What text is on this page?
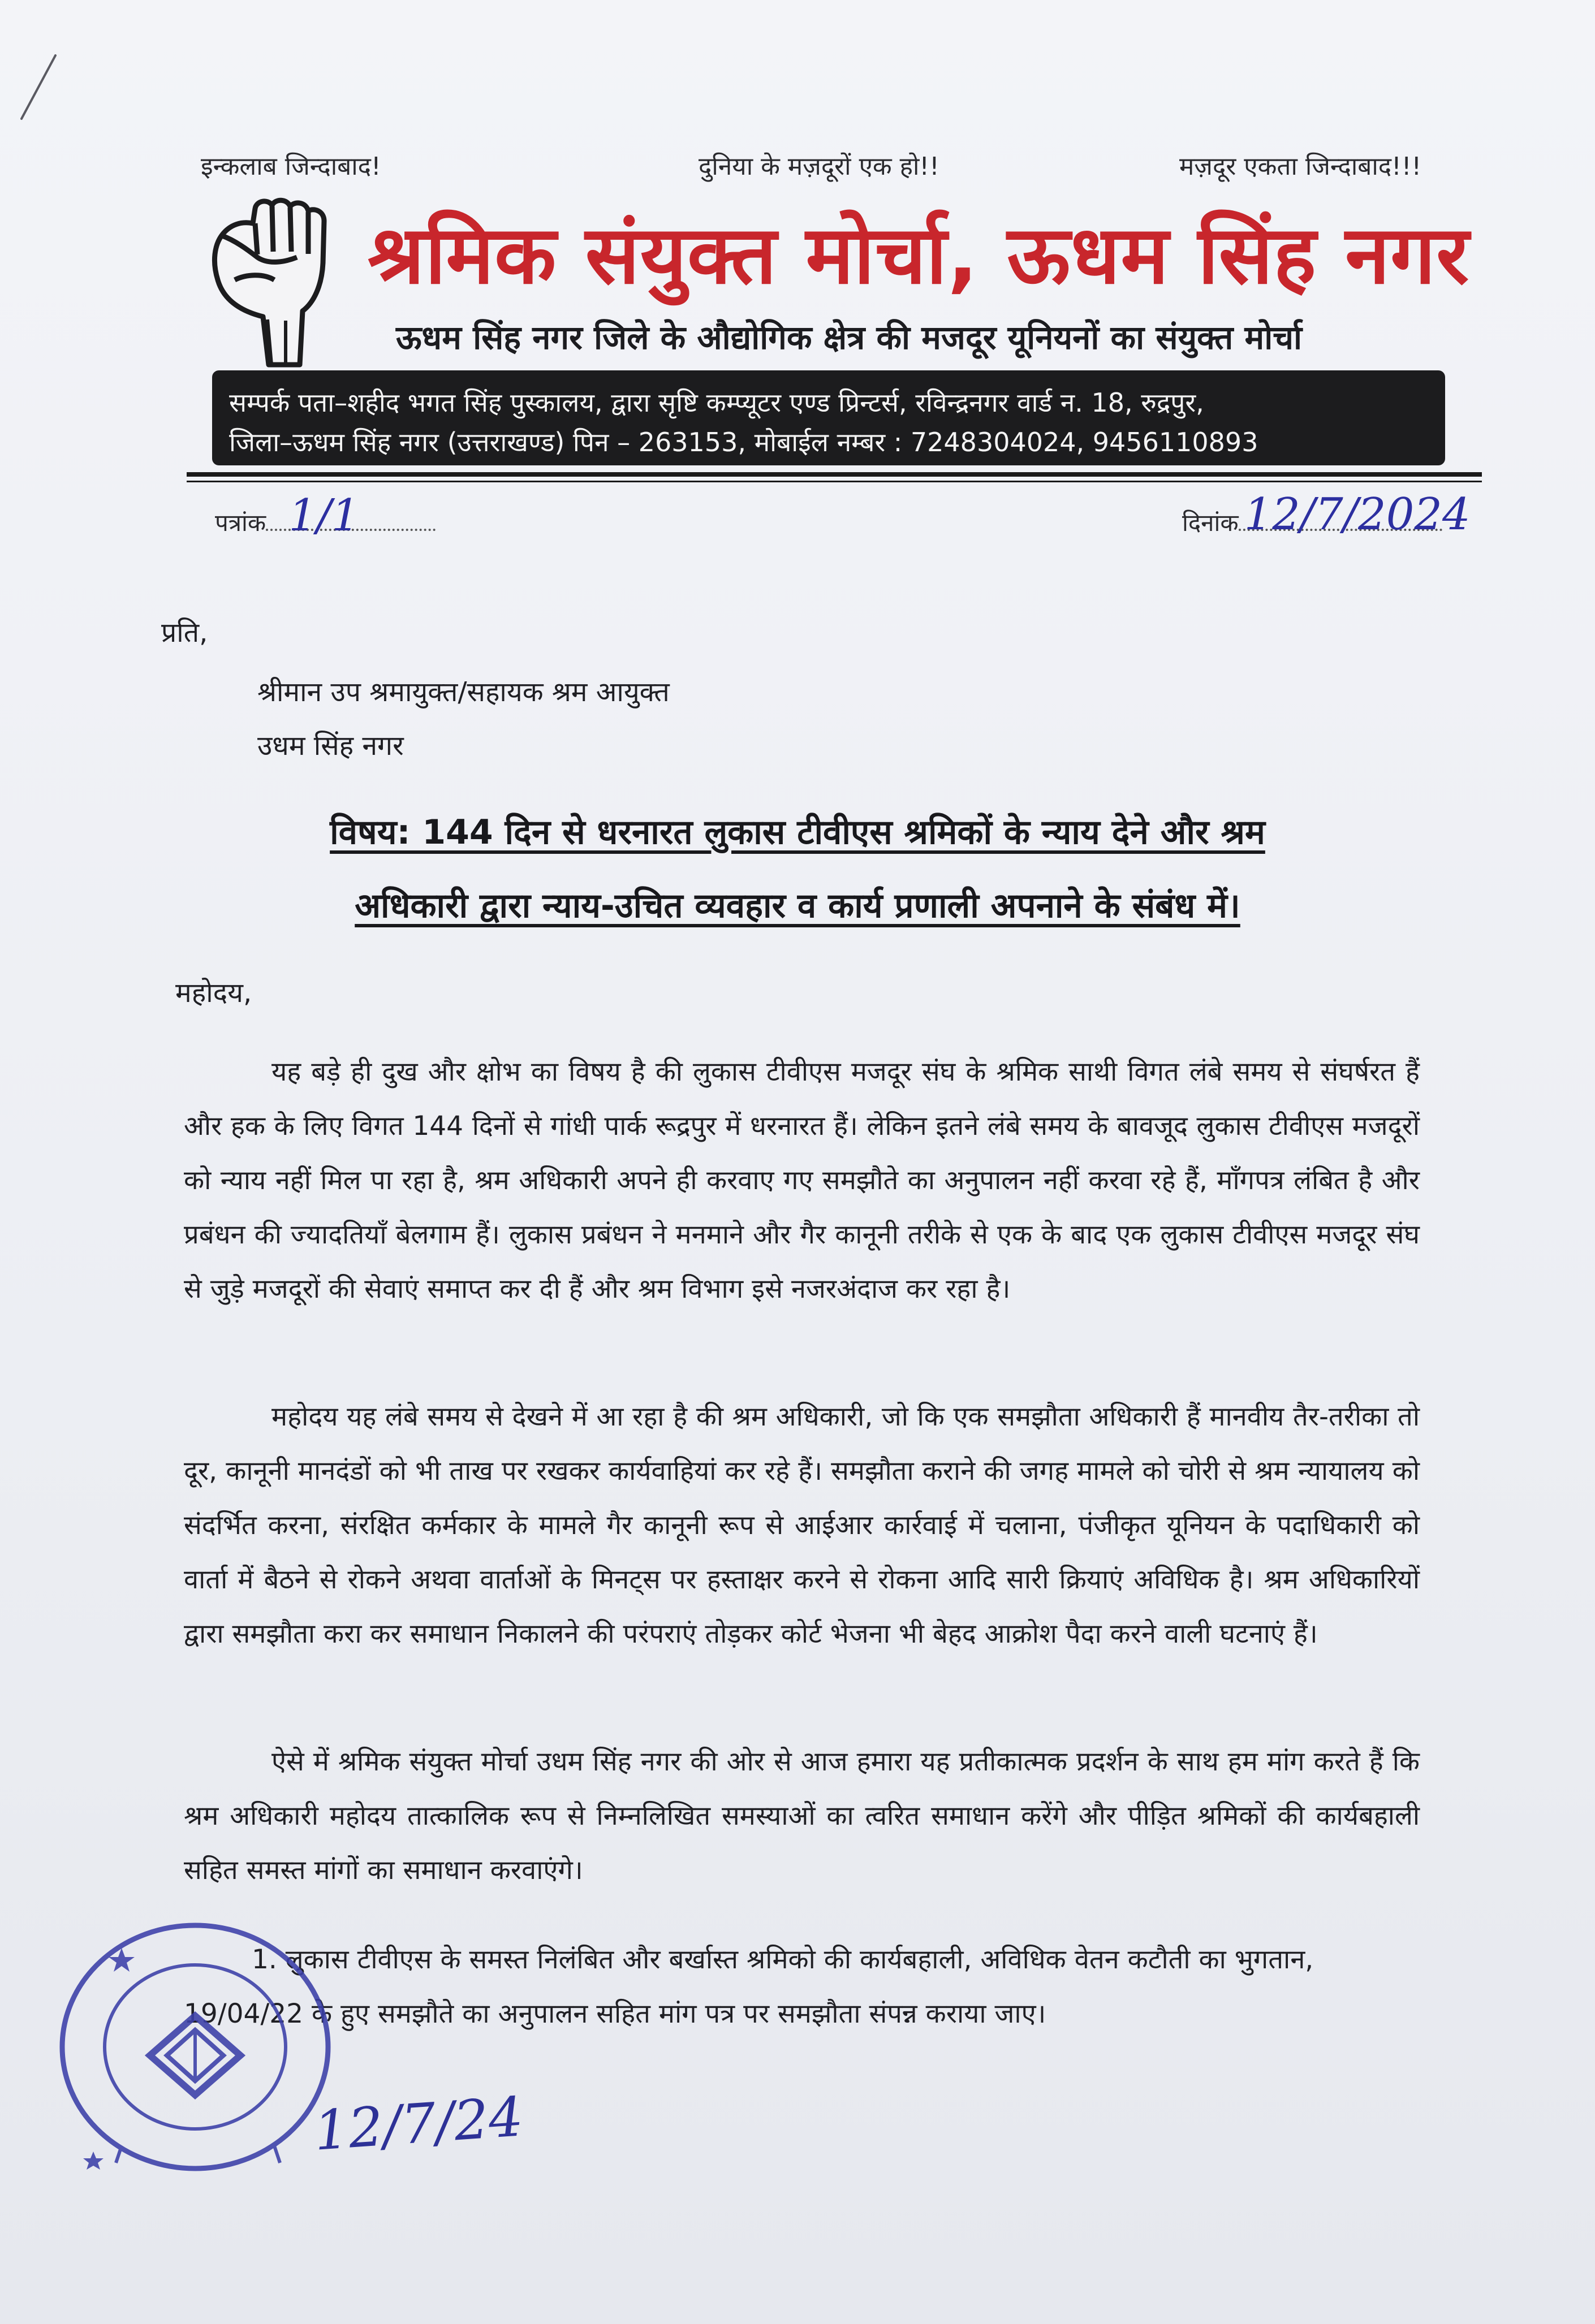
इन्कलाब जिन्दाबाद!	दुनिया के मज़दूरों एक हो!!	मज़दूर एकता जिन्दाबाद!!!
श्रमिक संयुक्त मोर्चा, ऊधम सिंह नगर
ऊधम सिंह नगर जिले के औद्योगिक क्षेत्र की मजदूर यूनियनों का संयुक्त मोर्चा
सम्पर्क पता–शहीद भगत सिंह पुस्कालय, द्वारा सृष्टि कम्प्यूटर एण्ड प्रिन्टर्स, रविन्द्रनगर वार्ड न. 18, रुद्रपुर,
जिला–ऊधम सिंह नगर (उत्तराखण्ड) पिन – 263153, मोबाईल नम्बर : 7248304024, 9456110893
पत्रांक 1/1	दिनांक 12/7/2024
प्रति,
श्रीमान उप श्रमायुक्त/सहायक श्रम आयुक्त
उधम सिंह नगर
विषय: 144 दिन से धरनारत लुकास टीवीएस श्रमिकों के न्याय देने और श्रम
अधिकारी द्वारा न्याय-उचित व्यवहार व कार्य प्रणाली अपनाने के संबंध में।
महोदय,

यह बड़े ही दुख और क्षोभ का विषय है की लुकास टीवीएस मजदूर संघ के श्रमिक साथी विगत लंबे समय से संघर्षरत हैं और हक के लिए विगत 144 दिनों से गांधी पार्क रूद्रपुर में धरनारत हैं। लेकिन इतने लंबे समय के बावजूद लुकास टीवीएस मजदूरों को न्याय नहीं मिल पा रहा है, श्रम अधिकारी अपने ही करवाए गए समझौते का अनुपालन नहीं करवा रहे हैं, माँगपत्र लंबित है और प्रबंधन की ज्यादतियाँ बेलगाम हैं। लुकास प्रबंधन ने मनमाने और गैर कानूनी तरीके से एक के बाद एक लुकास टीवीएस मजदूर संघ से जुड़े मजदूरों की सेवाएं समाप्त कर दी हैं और श्रम विभाग इसे नजरअंदाज कर रहा है।

महोदय यह लंबे समय से देखने में आ रहा है की श्रम अधिकारी, जो कि एक समझौता अधिकारी हैं मानवीय तैर-तरीका तो दूर, कानूनी मानदंडों को भी ताख पर रखकर कार्यवाहियां कर रहे हैं। समझौता कराने की जगह मामले को चोरी से श्रम न्यायालय को संदर्भित करना, संरक्षित कर्मकार के मामले गैर कानूनी रूप से आईआर कार्रवाई में चलाना, पंजीकृत यूनियन के पदाधिकारी को वार्ता में बैठने से रोकने अथवा वार्ताओं के मिनट्स पर हस्ताक्षर करने से रोकना आदि सारी क्रियाएं अविधिक है। श्रम अधिकारियों द्वारा समझौता करा कर समाधान निकालने की परंपराएं तोड़कर कोर्ट भेजना भी बेहद आक्रोश पैदा करने वाली घटनाएं हैं।

ऐसे में श्रमिक संयुक्त मोर्चा उधम सिंह नगर की ओर से आज हमारा यह प्रतीकात्मक प्रदर्शन के साथ हम मांग करते हैं कि श्रम अधिकारी महोदय तात्कालिक रूप से निम्नलिखित समस्याओं का त्वरित समाधान करेंगे और पीड़ित श्रमिकों की कार्यबहाली सहित समस्त मांगों का समाधान करवाएंगे।

1. लुकास टीवीएस के समस्त निलंबित और बर्खास्त श्रमिको की कार्यबहाली, अविधिक वेतन कटौती का भुगतान, 19/04/22 के हुए समझौते का अनुपालन सहित मांग पत्र पर समझौता संपन्न कराया जाए।
12/7/24
